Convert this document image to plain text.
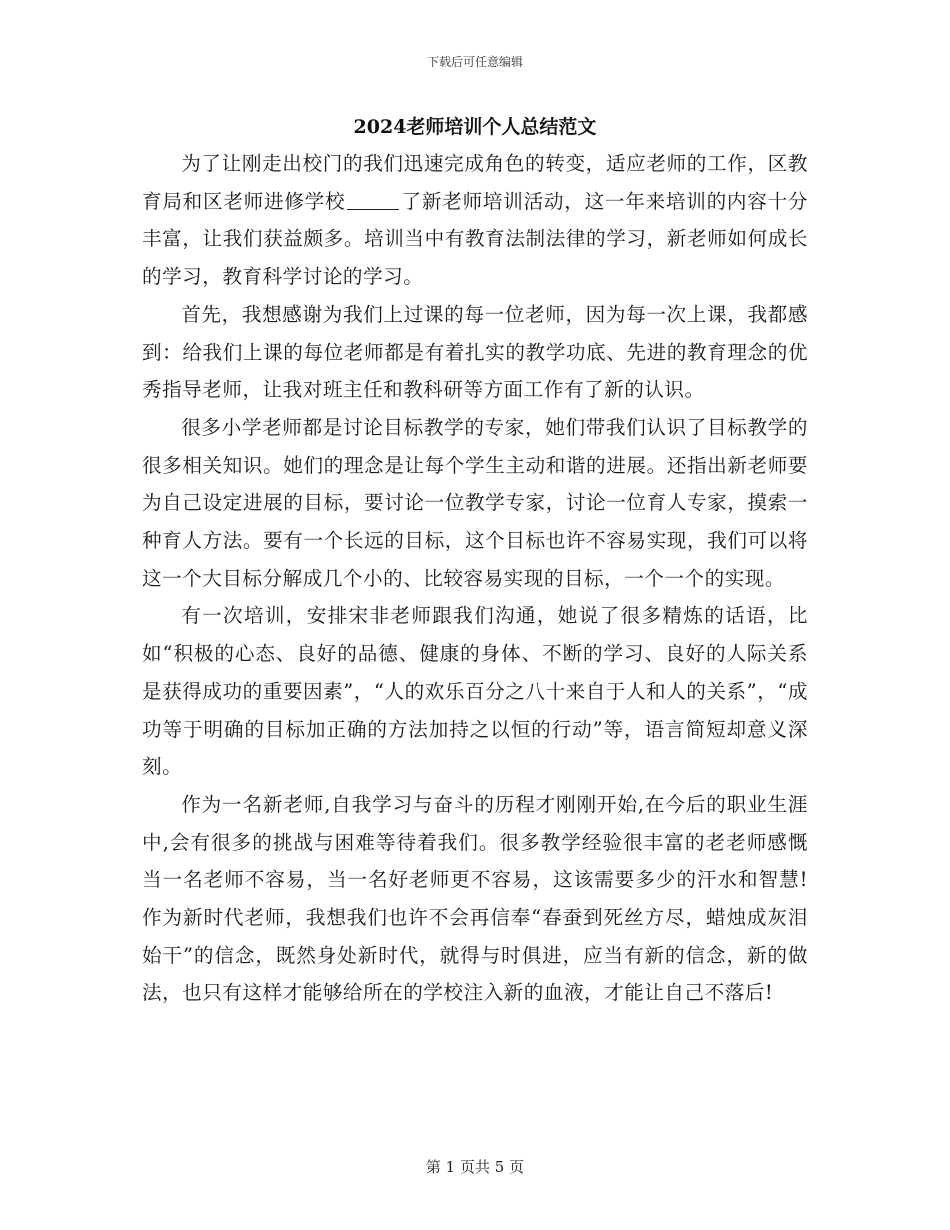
下载后可任意编辑
2024老师培训个人总结范文

为了让刚走出校门的我们迅速完成角色的转变，适应老师的工作，区教育局和区老师进修学校	了新老师培训活动，这一年来培训的内容十分丰富，让我们获益颇多。培训当中有教育法制法律的学习，新老师如何成长的学习，教育科学讨论的学习。

首先，我想感谢为我们上过课的每一位老师，因为每一次上课，我都感到：给我们上课的每位老师都是有着扎实的教学功底、先进的教育理念的优秀指导老师，让我对班主任和教科研等方面工作有了新的认识。

很多小学老师都是讨论目标教学的专家，她们带我们认识了目标教学的很多相关知识。她们的理念是让每个学生主动和谐的进展。还指出新老师要为自己设定进展的目标，要讨论一位教学专家，讨论一位育人专家，摸索一种育人方法。要有一个长远的目标，这个目标也许不容易实现，我们可以将这一个大目标分解成几个小的、比较容易实现的目标，一个一个的实现。

有一次培训，安排宋非老师跟我们沟通，她说了很多精炼的话语，比如“积极的心态、良好的品德、健康的身体、不断的学习、良好的人际关系是获得成功的重要因素”，“人的欢乐百分之八十来自于人和人的关系”，“成功等于明确的目标加正确的方法加持之以恒的行动”等，语言简短却意义深刻。

作为一名新老师,自我学习与奋斗的历程才刚刚开始,在今后的职业生涯中,会有很多的挑战与困难等待着我们。很多教学经验很丰富的老老师感慨当一名老师不容易，当一名好老师更不容易，这该需要多少的汗水和智慧!作为新时代老师，我想我们也许不会再信奉“春蚕到死丝方尽，蜡烛成灰泪始干”的信念，既然身处新时代，就得与时俱进，应当有新的信念，新的做法，也只有这样才能够给所在的学校注入新的血液，才能让自己不落后!

第 1 页共 5 页
